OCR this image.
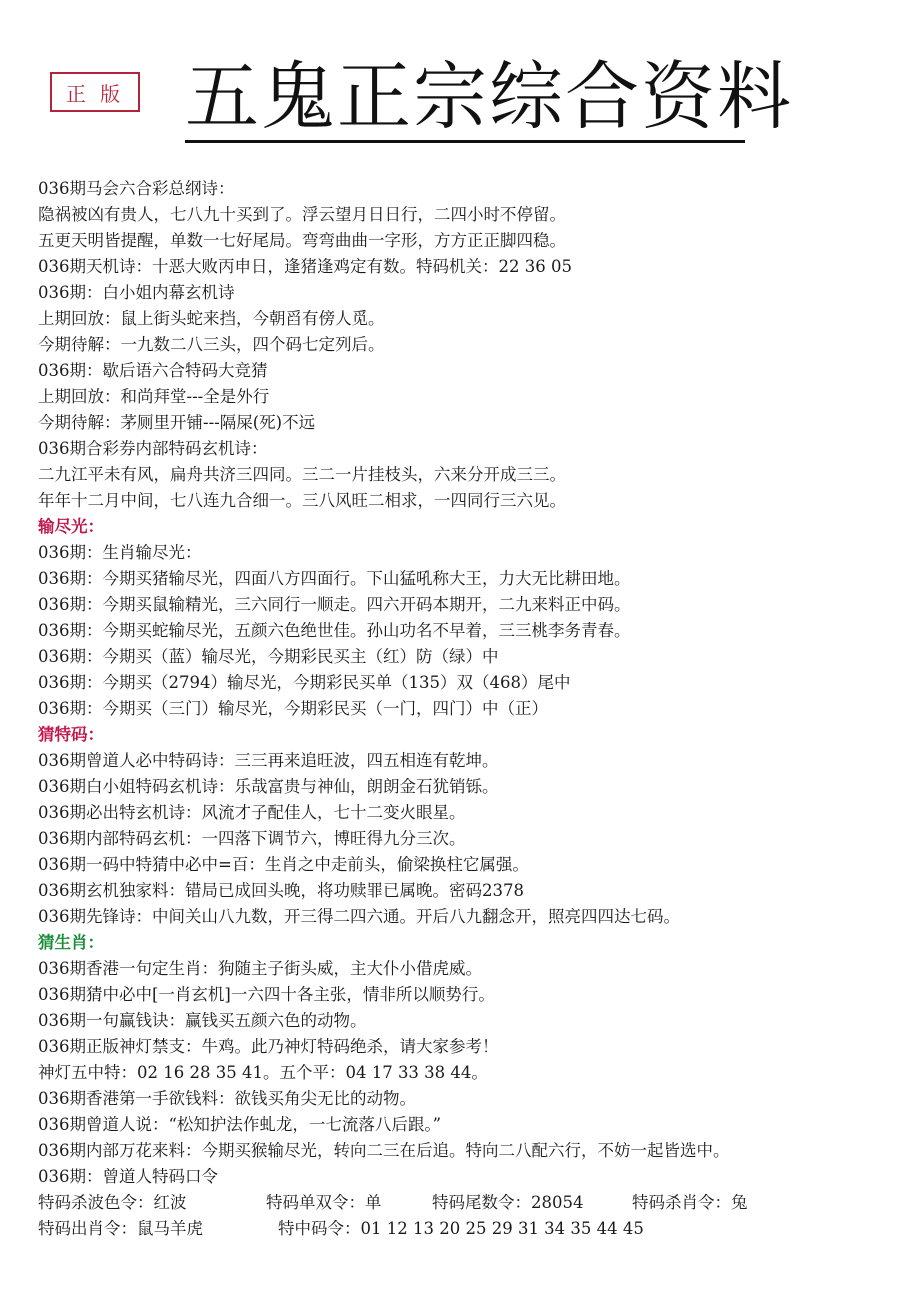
正 版 五鬼正宗综合资料
036期马会六合彩总纲诗：
隐祸被凶有贵人，七八九十买到了。浮云望月日日行，二四小时不停留。
五更天明皆提醒，单数一七好尾局。弯弯曲曲一字形，方方正正脚四稳。
036期天机诗：十恶大败丙申日，逢猪逢鸡定有数。特码机关：22 36 05
036期：白小姐内幕玄机诗
上期回放：鼠上街头蛇来挡，今朝舀有傍人觅。
今期待解：一九数二八三头，四个码七定列后。
036期：歇后语六合特码大竞猜
上期回放：和尚拜堂---全是外行
今期待解：茅厕里开铺---隔屎(死)不远
036期合彩券内部特码玄机诗：
二九江平未有风，扁舟共济三四同。三二一片挂枝头，六来分开成三三。
年年十二月中间，七八连九合细一。三八风旺二相求，一四同行三六见。
输尽光：
036期：生肖输尽光：
036期：今期买猪输尽光，四面八方四面行。下山猛吼称大王，力大无比耕田地。
036期：今期买鼠输精光，三六同行一顺走。四六开码本期开，二九来料正中码。
036期：今期买蛇输尽光，五颜六色绝世佳。孙山功名不早着，三三桃李务青春。
036期：今期买（蓝）输尽光，今期彩民买主（红）防（绿）中
036期：今期买（2794）输尽光，今期彩民买单（135）双（468）尾中
036期：今期买（三门）输尽光，今期彩民买（一门，四门）中（正）
猜特码：
036期曾道人必中特码诗：三三再来追旺波，四五相连有乾坤。
036期白小姐特码玄机诗：乐哉富贵与神仙，朗朗金石犹销铄。
036期必出特玄机诗：风流才子配佳人，七十二变火眼星。
036期内部特码玄机：一四落下调节六，博旺得九分三次。
036期一码中特猜中必中=百：生肖之中走前头，偷梁换柱它属强。
036期玄机独家料：错局已成回头晚，将功赎罪已属晚。密码2378
036期先锋诗：中间关山八九数，开三得二四六通。开后八九翻念开，照亮四四达七码。
猜生肖：
036期香港一句定生肖：狗随主子街头威，主大仆小借虎威。
036期猜中必中[一肖玄机]一六四十各主张，情非所以顺势行。
036期一句赢钱诀：赢钱买五颜六色的动物。
036期正版神灯禁支：牛鸡。此乃神灯特码绝杀，请大家参考！
神灯五中特：02 16 28 35 41。五个平：04 17 33 38 44。
036期香港第一手欲钱料：欲钱买角尖无比的动物。
036期曾道人说：“松知护法作虬龙，一七流落八后跟。”
036期内部万花来料：今期买猴输尽光，转向二三在后追。特向二八配六行，不妨一起皆选中。
036期：曾道人特码口令
特码杀波色令：红波	特码单双令：单	特码尾数令：28054	特码杀肖令：兔
特码出肖令：鼠马羊虎	特中码令：01 12 13 20 25 29 31 34 35 44 45
